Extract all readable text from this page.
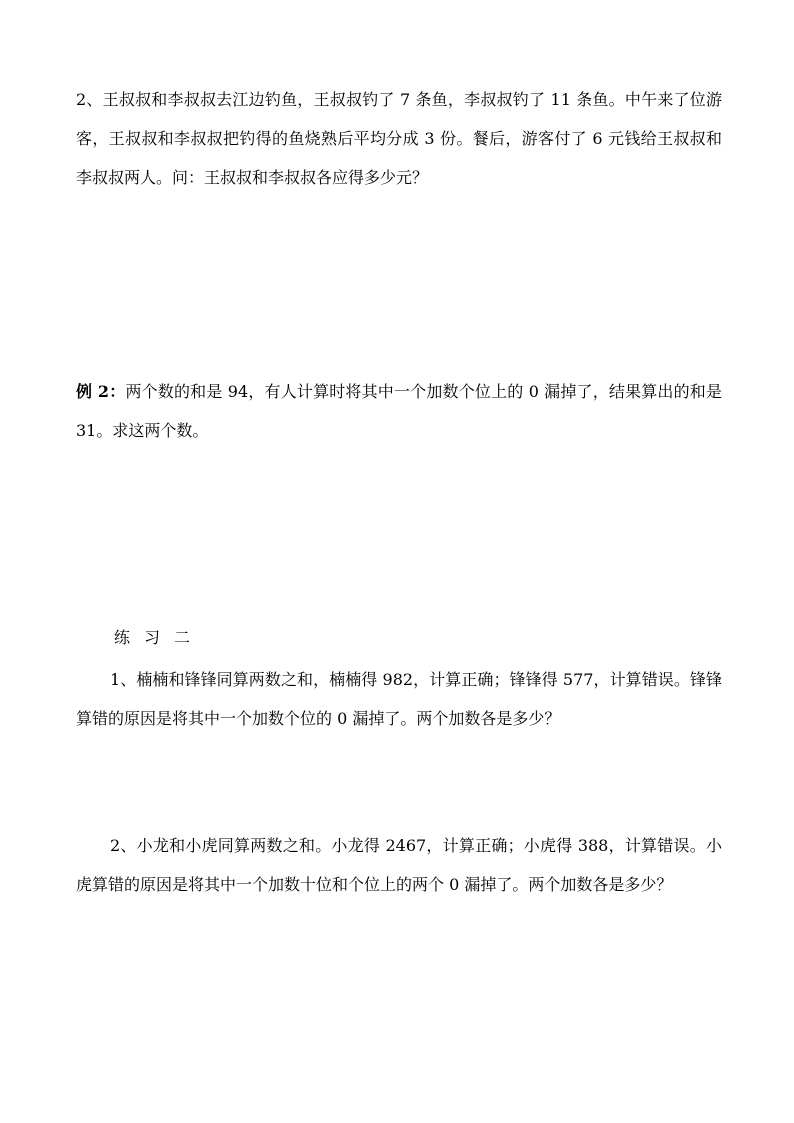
2、王叔叔和李叔叔去江边钓鱼，王叔叔钓了 7 条鱼，李叔叔钓了 11 条鱼。中午来了位游客，王叔叔和李叔叔把钓得的鱼烧熟后平均分成 3 份。餐后，游客付了 6 元钱给王叔叔和李叔叔两人。问：王叔叔和李叔叔各应得多少元？

例 2：两个数的和是 94，有人计算时将其中一个加数个位上的 0 漏掉了，结果算出的和是 31。求这两个数。

练习二

1、楠楠和锋锋同算两数之和，楠楠得 982，计算正确；锋锋得 577，计算错误。锋锋算错的原因是将其中一个加数个位的 0 漏掉了。两个加数各是多少？

2、小龙和小虎同算两数之和。小龙得 2467，计算正确；小虎得 388，计算错误。小虎算错的原因是将其中一个加数十位和个位上的两个 0 漏掉了。两个加数各是多少？
